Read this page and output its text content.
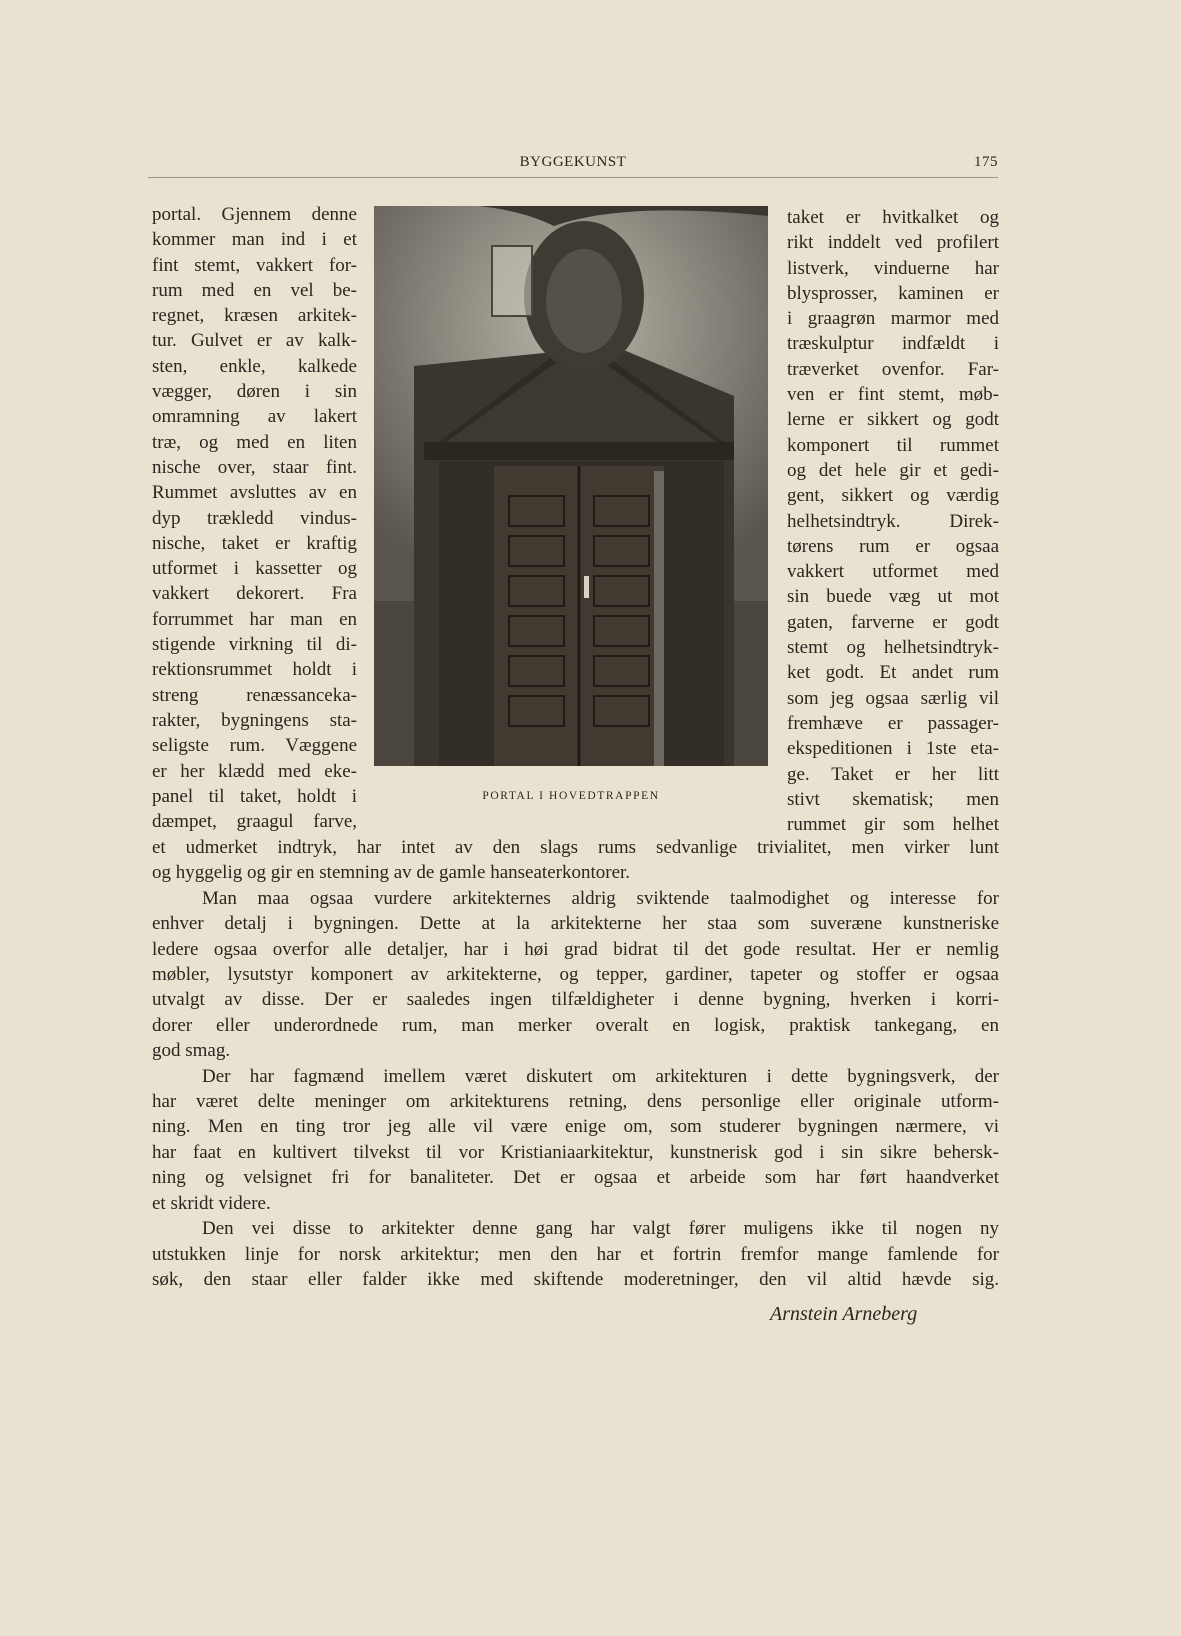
BYGGEKUNST	175
portal. Gjennem denne
kommer man ind i et
fint stemt, vakkert for-
rum med en vel be-
regnet, kræsen arkitek-
tur. Gulvet er av kalk-
sten, enkle, kalkede
vægger, døren i sin
omramning av lakert
træ, og med en liten
nische over, staar fint.
Rummet avsluttes av en
dyp trækledd vindus-
nische, taket er kraftig
utformet i kassetter og
vakkert dekorert. Fra
forrummet har man en
stigende virkning til di-
rektionsrummet holdt i
streng renæssanceka-
rakter, bygningens sta-
seligste rum. Væggene
er her klædd med eke-
panel til taket, holdt i
dæmpet, graagul farve,
PORTAL I HOVEDTRAPPEN
taket er hvitkalket og
rikt inddelt ved profilert
listverk, vinduerne har
blysprosser, kaminen er
i graagrøn marmor med
træskulptur indfældt i
træverket ovenfor. Far-
ven er fint stemt, møb-
lerne er sikkert og godt
komponert til rummet
og det hele gir et gedi-
gent, sikkert og værdig
helhetsindtryk. Direk-
tørens rum er ogsaa
vakkert utformet med
sin buede væg ut mot
gaten, farverne er godt
stemt og helhetsindtryk-
ket godt. Et andet rum
som jeg ogsaa særlig vil
fremhæve er passager-
ekspeditionen i 1ste eta-
ge. Taket er her litt
stivt skematisk; men
rummet gir som helhet
et udmerket indtryk, har intet av den slags rums sedvanlige trivialitet, men virker lunt
og hyggelig og gir en stemning av de gamle hanseaterkontorer.
Man maa ogsaa vurdere arkitekternes aldrig sviktende taalmodighet og interesse for
enhver detalj i bygningen. Dette at la arkitekterne her staa som suveræne kunstneriske
ledere ogsaa overfor alle detaljer, har i høi grad bidrat til det gode resultat. Her er nemlig
møbler, lysutstyr komponert av arkitekterne, og tepper, gardiner, tapeter og stoffer er ogsaa
utvalgt av disse. Der er saaledes ingen tilfældigheter i denne bygning, hverken i korri-
dorer eller underordnede rum, man merker overalt en logisk, praktisk tankegang, en
god smag.
Der har fagmænd imellem været diskutert om arkitekturen i dette bygningsverk, der
har været delte meninger om arkitekturens retning, dens personlige eller originale utform-
ning. Men en ting tror jeg alle vil være enige om, som studerer bygningen nærmere, vi
har faat en kultivert tilvekst til vor Kristianiaarkitektur, kunstnerisk god i sin sikre behersk-
ning og velsignet fri for banaliteter. Det er ogsaa et arbeide som har ført haandverket
et skridt videre.
Den vei disse to arkitekter denne gang har valgt fører muligens ikke til nogen ny
utstukken linje for norsk arkitektur; men den har et fortrin fremfor mange famlende for
søk, den staar eller falder ikke med skiftende moderetninger, den vil altid hævde sig.
Arnstein Arneberg
